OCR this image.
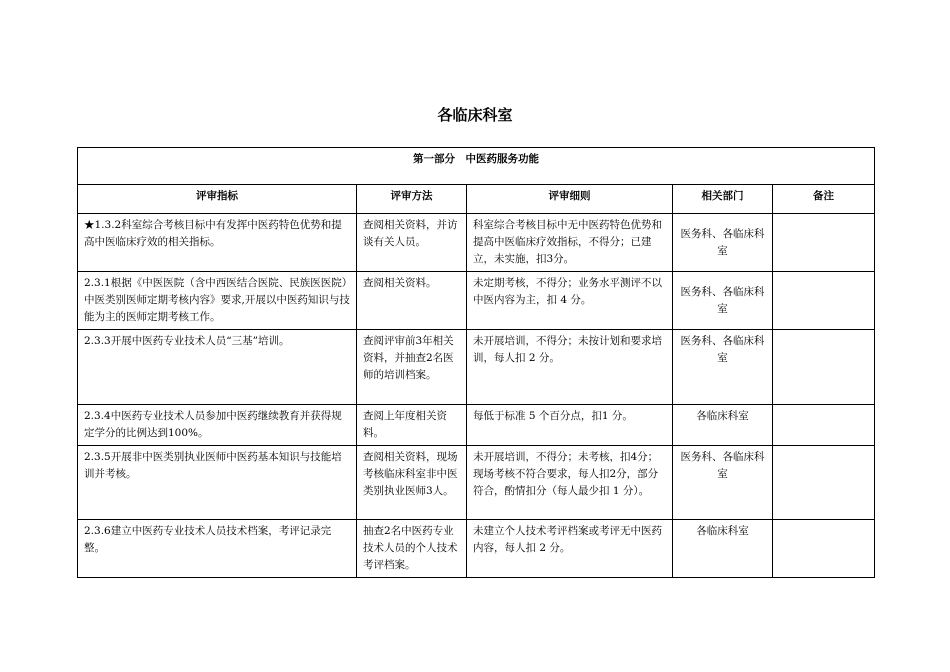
各临床科室
第一部分　中医药服务功能				
评审指标	评审方法	评审细则	相关部门	备注
★1.3.2科室综合考核目标中有发挥中医药特色优势和提高中医临床疗效的相关指标。	查阅相关资料，并访谈有关人员。	科室综合考核目标中无中医药特色优势和提高中医临床疗效指标，不得分；已建立，未实施，扣3分。	医务科、各临床科室	
2.3.1根据《中医医院（含中西医结合医院、民族医医院）中医类别医师定期考核内容》要求,开展以中医药知识与技能为主的医师定期考核工作。	查阅相关资料。	未定期考核，不得分；业务水平测评不以中医内容为主，扣 4 分。	医务科、各临床科室	
2.3.3开展中医药专业技术人员“三基”培训。	查阅评审前3年相关资料，并抽查2名医师的培训档案。	未开展培训，不得分；未按计划和要求培训，每人扣 2 分。	医务科、各临床科室	
2.3.4中医药专业技术人员参加中医药继续教育并获得规定学分的比例达到100%。	查阅上年度相关资料。	每低于标准 5 个百分点，扣1 分。	各临床科室	
2.3.5开展非中医类别执业医师中医药基本知识与技能培训并考核。	查阅相关资料，现场考核临床科室非中医类别执业医师3人。	未开展培训，不得分；未考核，扣4分；现场考核不符合要求，每人扣2分，部分符合，酌情扣分（每人最少扣 1 分）。	医务科、各临床科室	
2.3.6建立中医药专业技术人员技术档案，考评记录完整。	抽查2名中医药专业技术人员的个人技术考评档案。	未建立个人技术考评档案或考评无中医药内容，每人扣 2 分。	各临床科室	
